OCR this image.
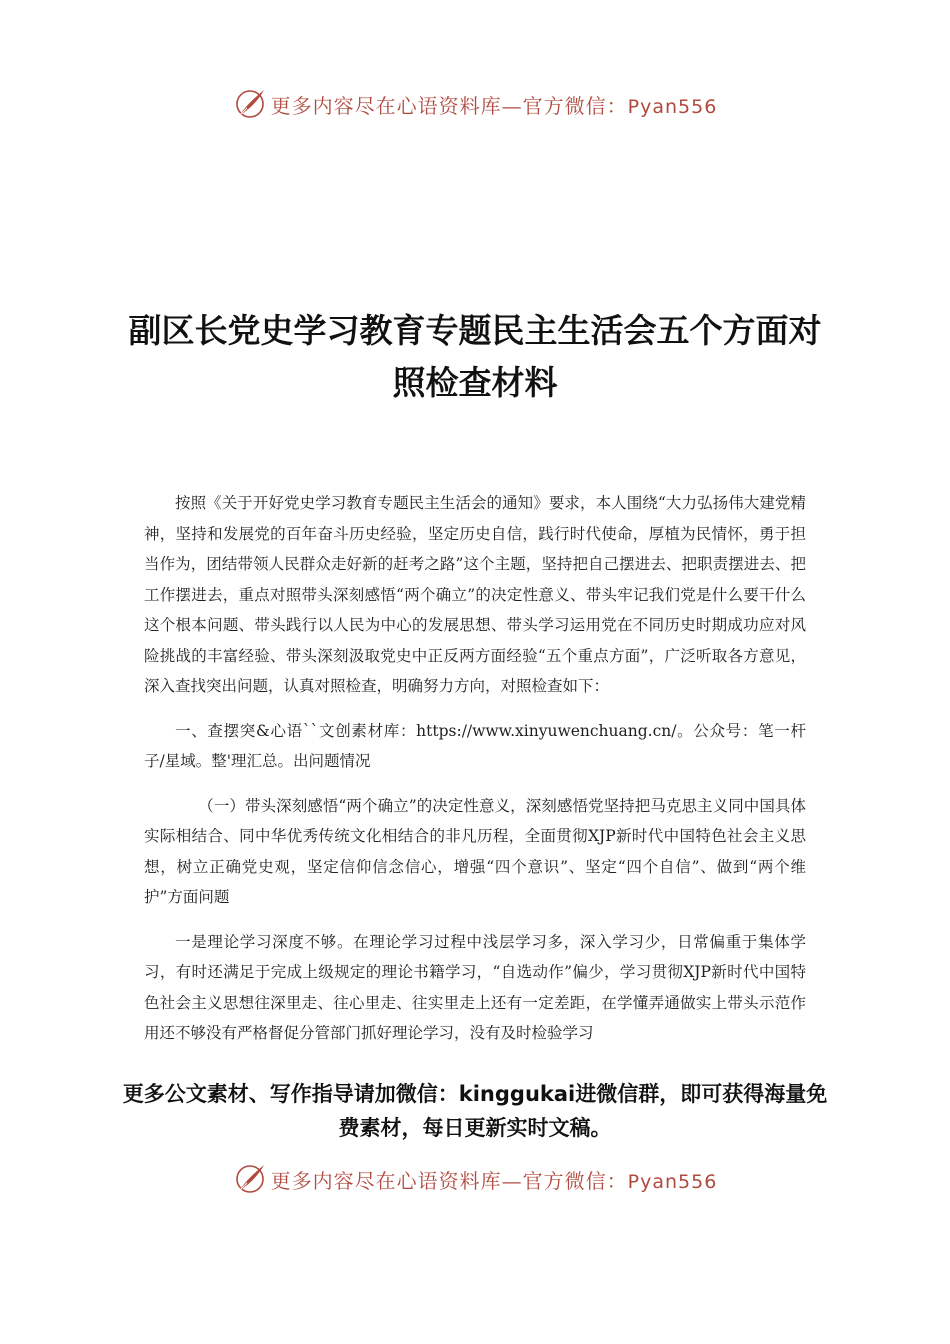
更多内容尽在心语资料库—官方微信：Pyan556
副区长党史学习教育专题民主生活会五个方面对照检查材料

按照《关于开好党史学习教育专题民主生活会的通知》要求，本人围绕“大力弘扬伟大建党精神，坚持和发展党的百年奋斗历史经验，坚定历史自信，践行时代使命，厚植为民情怀，勇于担当作为，团结带领人民群众走好新的赶考之路”这个主题，坚持把自己摆进去、把职责摆进去、把工作摆进去，重点对照带头深刻感悟“两个确立”的决定性意义、带头牢记我们党是什么要干什么这个根本问题、带头践行以人民为中心的发展思想、带头学习运用党在不同历史时期成功应对风险挑战的丰富经验、带头深刻汲取党史中正反两方面经验“五个重点方面”，广泛听取各方意见，深入查找突出问题，认真对照检查，明确努力方向，对照检查如下：

一、查摆突&心语``文创素材库：https://www.xinyuwenchuang.cn/。公众号：笔一杆子/星域。整'理汇总。出问题情况

（一）带头深刻感悟“两个确立”的决定性意义，深刻感悟党坚持把马克思主义同中国具体实际相结合、同中华优秀传统文化相结合的非凡历程，全面贯彻XJP新时代中国特色社会主义思想，树立正确党史观，坚定信仰信念信心，增强“四个意识”、坚定“四个自信”、做到“两个维护”方面问题

一是理论学习深度不够。在理论学习过程中浅层学习多，深入学习少，日常偏重于集体学习，有时还满足于完成上级规定的理论书籍学习，“自选动作”偏少，学习贯彻XJP新时代中国特色社会主义思想往深里走、往心里走、往实里走上还有一定差距，在学懂弄通做实上带头示范作用还不够没有严格督促分管部门抓好理论学习，没有及时检验学习

更多公文素材、写作指导请加微信：kinggukai进微信群，即可获得海量免费素材，每日更新实时文稿。

更多内容尽在心语资料库—官方微信：Pyan556
